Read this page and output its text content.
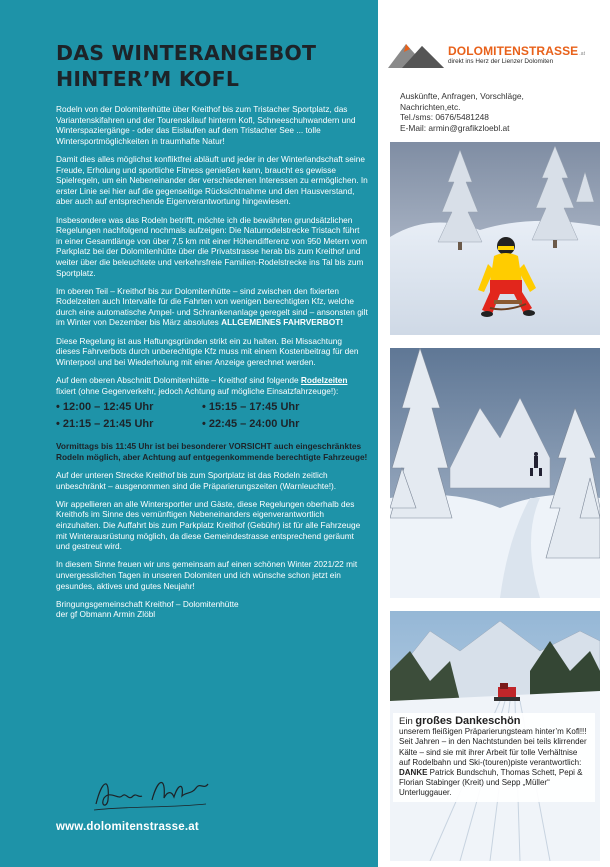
DAS WINTERANGEBOT
HINTER’M KOFL

Rodeln von der Dolomitenhütte über Kreithof bis zum Tristacher Sportplatz, das Variantenskifahren und der Tourenskilauf hinterm Kofl, Schneeschuhwandern und Winterspaziergänge - oder das Eislaufen auf dem Tristacher See ... tolle Wintersportmöglichkeiten in traumhafte Natur!

Damit dies alles möglichst konfliktfrei abläuft und jeder in der Winterlandschaft seine Freude, Erholung und sportliche Fitness genießen kann, braucht es gewisse Spielregeln, um ein Nebeneinander der verschiedenen Interessen zu ermöglichen. In erster Linie sei hier auf die gegenseitige Rücksichtnahme und den Hausverstand, aber auch auf entsprechende Eigenverantwortung hingewiesen.

Insbesondere was das Rodeln betrifft, möchte ich die bewährten grundsätzlichen Regelungen nachfolgend nochmals aufzeigen: Die Naturrodelstrecke Tristach führt in einer Gesamtlänge von über 7,5 km mit einer Höhendifferenz von 950 Metern vom Parkplatz bei der Dolomitenhütte über die Privatstrasse herab bis zum Kreithof und weiter über die beleuchtete und verkehrsfreie Familien-Rodelstrecke ins Tal bis zum Sportplatz.

Im oberen Teil – Kreithof bis zur Dolomitenhütte – sind zwischen den fixierten Rodelzeiten auch Intervalle für die Fahrten von wenigen berechtigten Kfz, welche durch eine automatische Ampel- und Schrankenanlage geregelt sind – ansonsten gilt im Winter von Dezember bis März absolutes ALLGEMEINES FAHRVERBOT!

Diese Regelung ist aus Haftungsgründen strikt ein zu halten. Bei Missachtung dieses Fahrverbots durch unberechtigte Kfz muss mit einem Kostenbeitrag für den Winterpool und bei Wiederholung mit einer Anzeige gerechnet werden.

Auf dem oberen Abschnitt Dolomitenhütte – Kreithof sind folgende Rodelzeiten fixiert (ohne Gegenverkehr, jedoch Achtung auf mögliche Einsatzfahrzeuge!):

• 12:00 – 12:45 Uhr	• 15:15 – 17:45 Uhr
• 21:15 – 21:45 Uhr	• 22:45 – 24:00 Uhr

Vormittags bis 11:45 Uhr ist bei besonderer VORSICHT auch eingeschränktes Rodeln möglich, aber Achtung auf entgegenkommende berechtigte Fahrzeuge!

Auf der unteren Strecke Kreithof bis zum Sportplatz ist das Rodeln zeitlich unbeschränkt – ausgenommen sind die Präparierungszeiten (Warnleuchte!).

Wir appellieren an alle Wintersportler und Gäste, diese Regelungen oberhalb des Kreithofs im Sinne des vernünftigen Nebeneinanders eigenverantwortlich einzuhalten. Die Auffahrt bis zum Parkplatz Kreithof (Gebühr) ist für alle Fahrzeuge mit Winterausrüstung möglich, da diese Gemeindestrasse entsprechend geräumt und gestreut wird.

In diesem Sinne freuen wir uns gemeinsam auf einen schönen Winter 2021/22 mit unvergesslichen Tagen in unseren Dolomiten und ich wünsche schon jetzt ein gesundes, aktives und gutes Neujahr!

Bringungsgemeinschaft Kreithof – Dolomitenhütte
der gf Obmann Armin Zlöbl

www.dolomitenstrasse.at
DOLOMITENSTRASSE.at
direkt ins Herz der Lienzer Dolomiten
Auskünfte, Anfragen, Vorschläge,
Nachrichten,etc.
Tel./sms: 0676/5481248
E-Mail: armin@grafikzloebl.at
Ein großes Dankeschön
unserem fleißigen Präparierungsteam hinter’m Kofl!!! Seit Jahren – in den Nachtstunden bei teils klirrender Kälte – sind sie mit ihrer Arbeit für tolle Verhältnise auf Rodelbahn und Ski-(touren)piste verantwortlich: DANKE Patrick Bundschuh, Thomas Schett, Pepi & Florian Stabinger (Kreit) und Sepp „Müller“ Unterluggauer.
